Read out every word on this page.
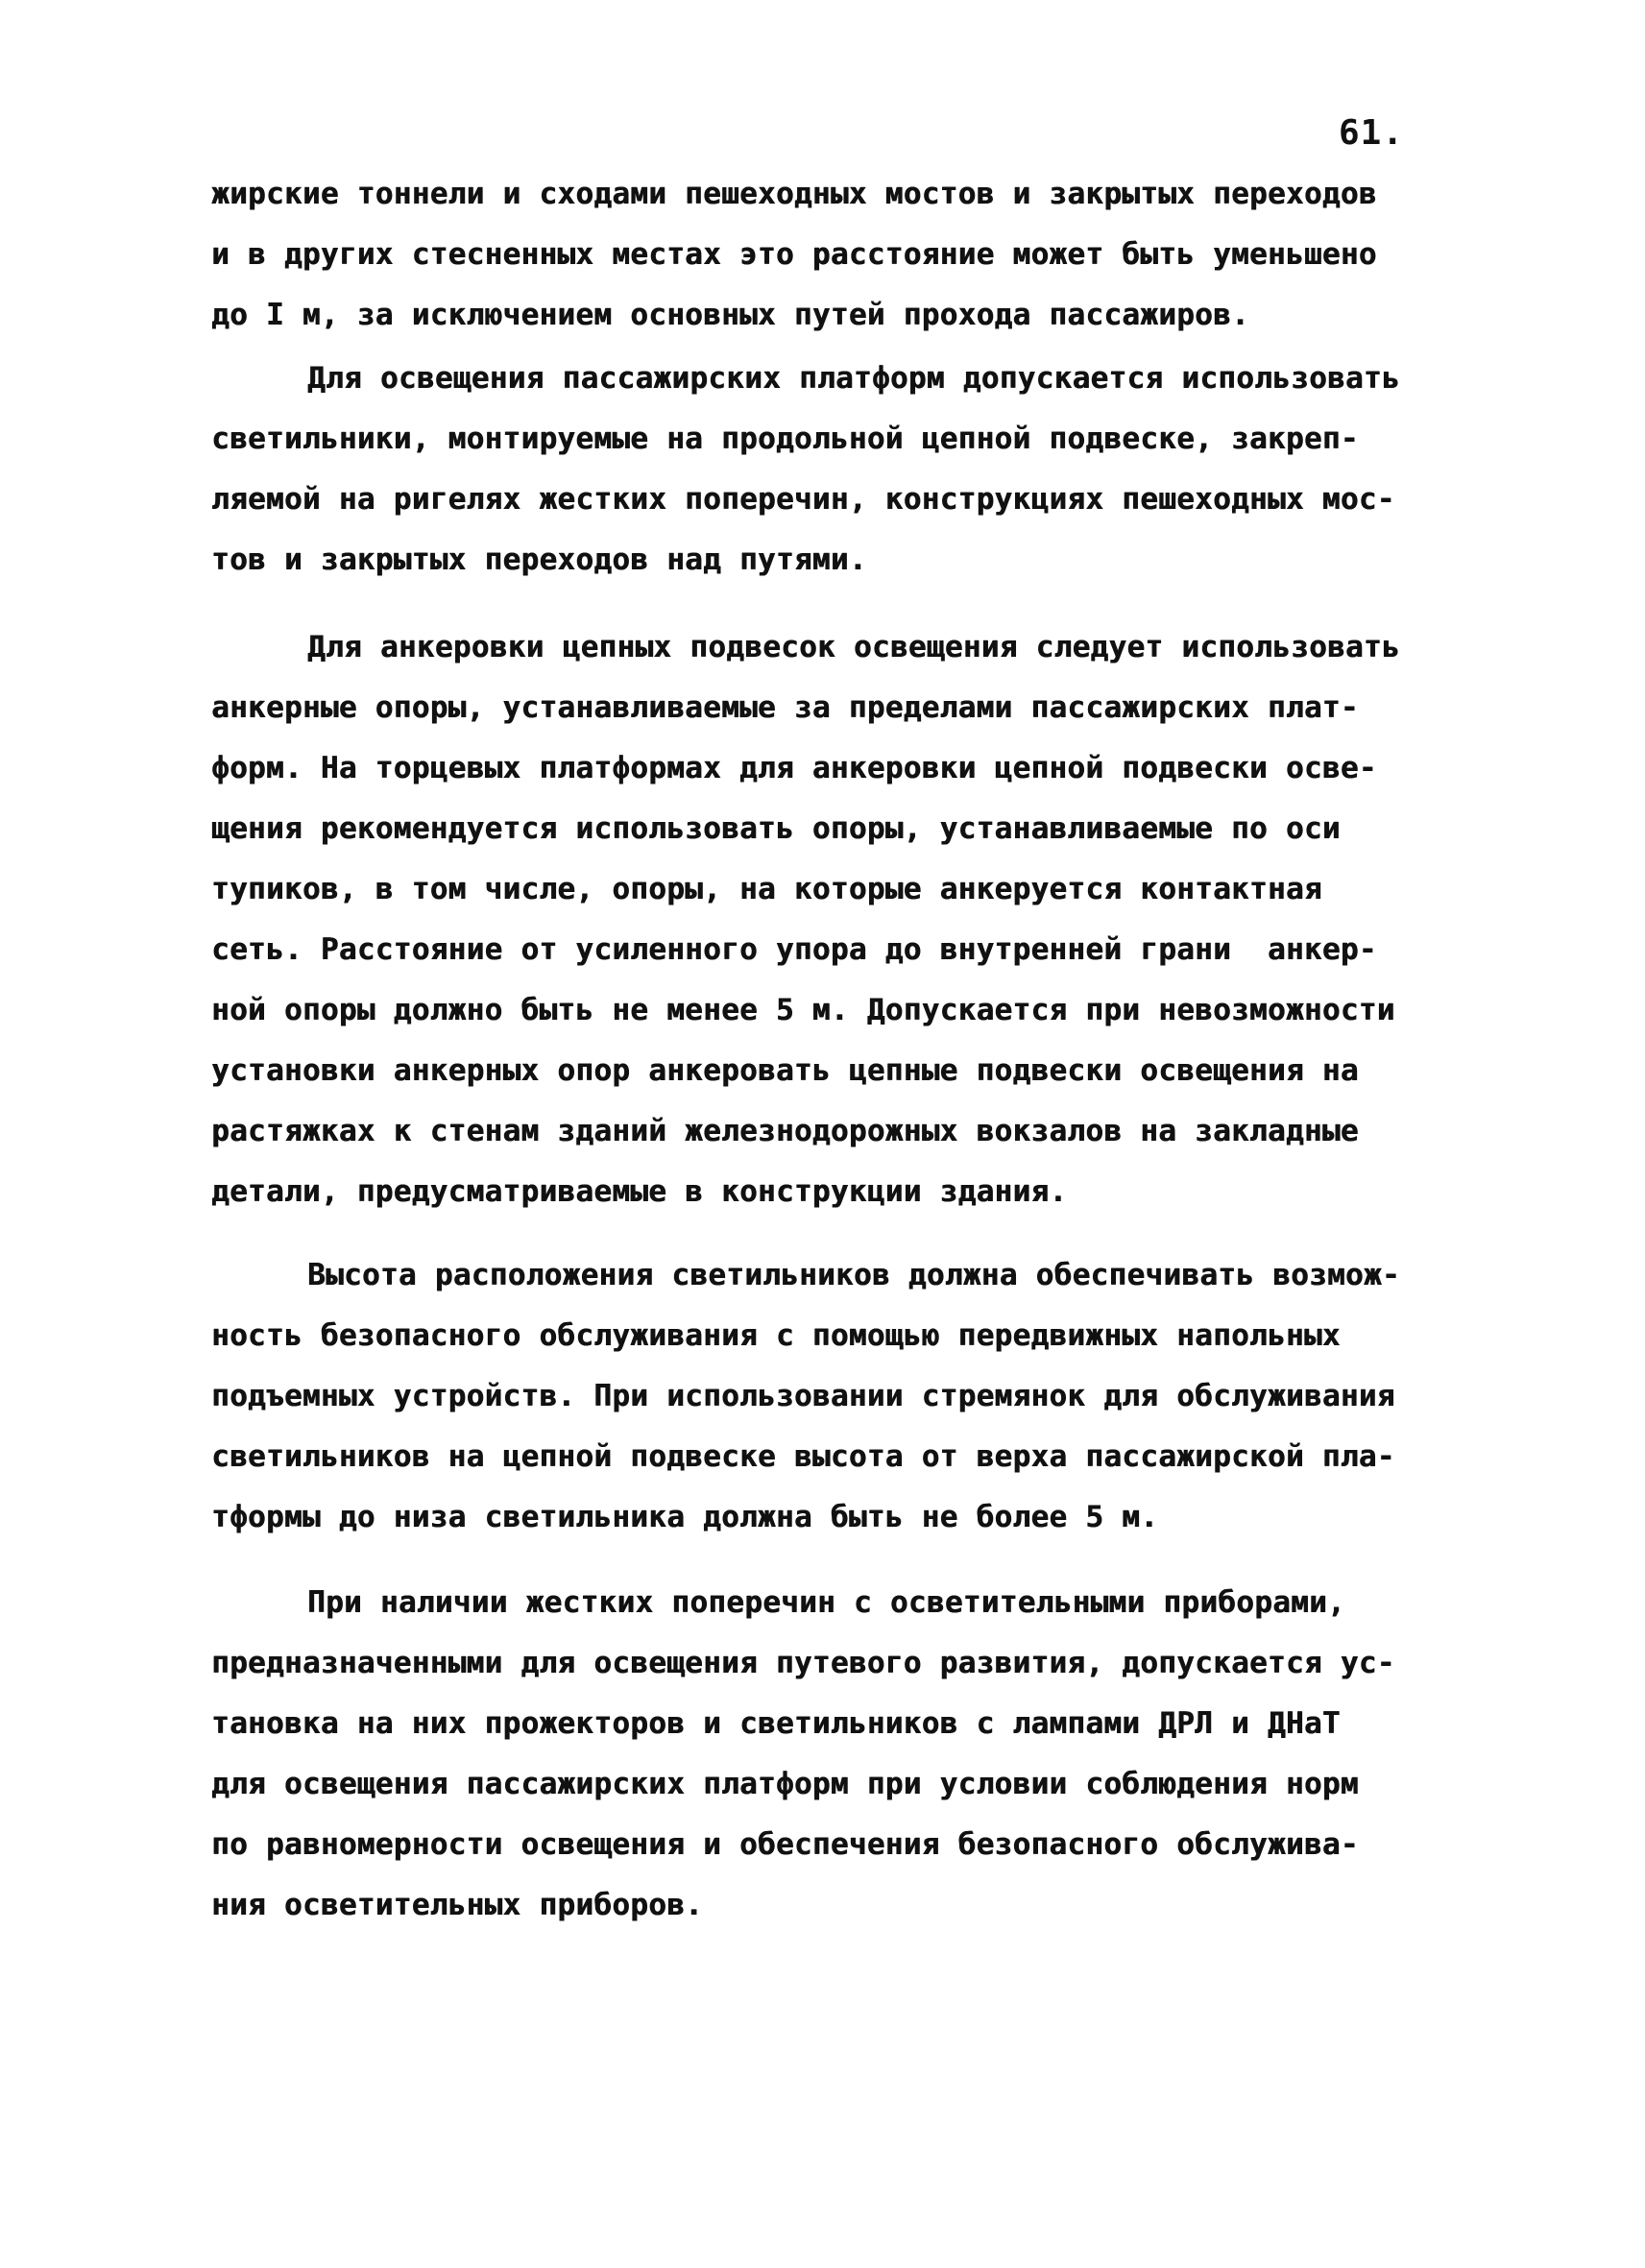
61.
жирские тоннели и сходами пешеходных мостов и закрытых переходов
и в других стесненных местах это расстояние может быть уменьшено
до I м, за исключением основных путей прохода пассажиров.
Для освещения пассажирских платформ допускается использовать
светильники, монтируемые на продольной цепной подвеске, закреп-
ляемой на ригелях жестких поперечин, конструкциях пешеходных мос-
тов и закрытых переходов над путями.
Для анкеровки цепных подвесок освещения следует использовать
анкерные опоры, устанавливаемые за пределами пассажирских плат-
форм. На торцевых платформах для анкеровки цепной подвески осве-
щения рекомендуется использовать опоры, устанавливаемые по оси
тупиков, в том числе, опоры, на которые анкеруется контактная
сеть. Расстояние от усиленного упора до внутренней грани  анкер-
ной опоры должно быть не менее 5 м. Допускается при невозможности
установки анкерных опор анкеровать цепные подвески освещения на
растяжках к стенам зданий железнодорожных вокзалов на закладные
детали, предусматриваемые в конструкции здания.
Высота расположения светильников должна обеспечивать возмож-
ность безопасного обслуживания с помощью передвижных напольных
подъемных устройств. При использовании стремянок для обслуживания
светильников на цепной подвеске высота от верха пассажирской пла-
тформы до низа светильника должна быть не более 5 м.
При наличии жестких поперечин с осветительными приборами,
предназначенными для освещения путевого развития, допускается ус-
тановка на них прожекторов и светильников с лампами ДРЛ и ДНаТ
для освещения пассажирских платформ при условии соблюдения норм
по равномерности освещения и обеспечения безопасного обслужива-
ния осветительных приборов.
